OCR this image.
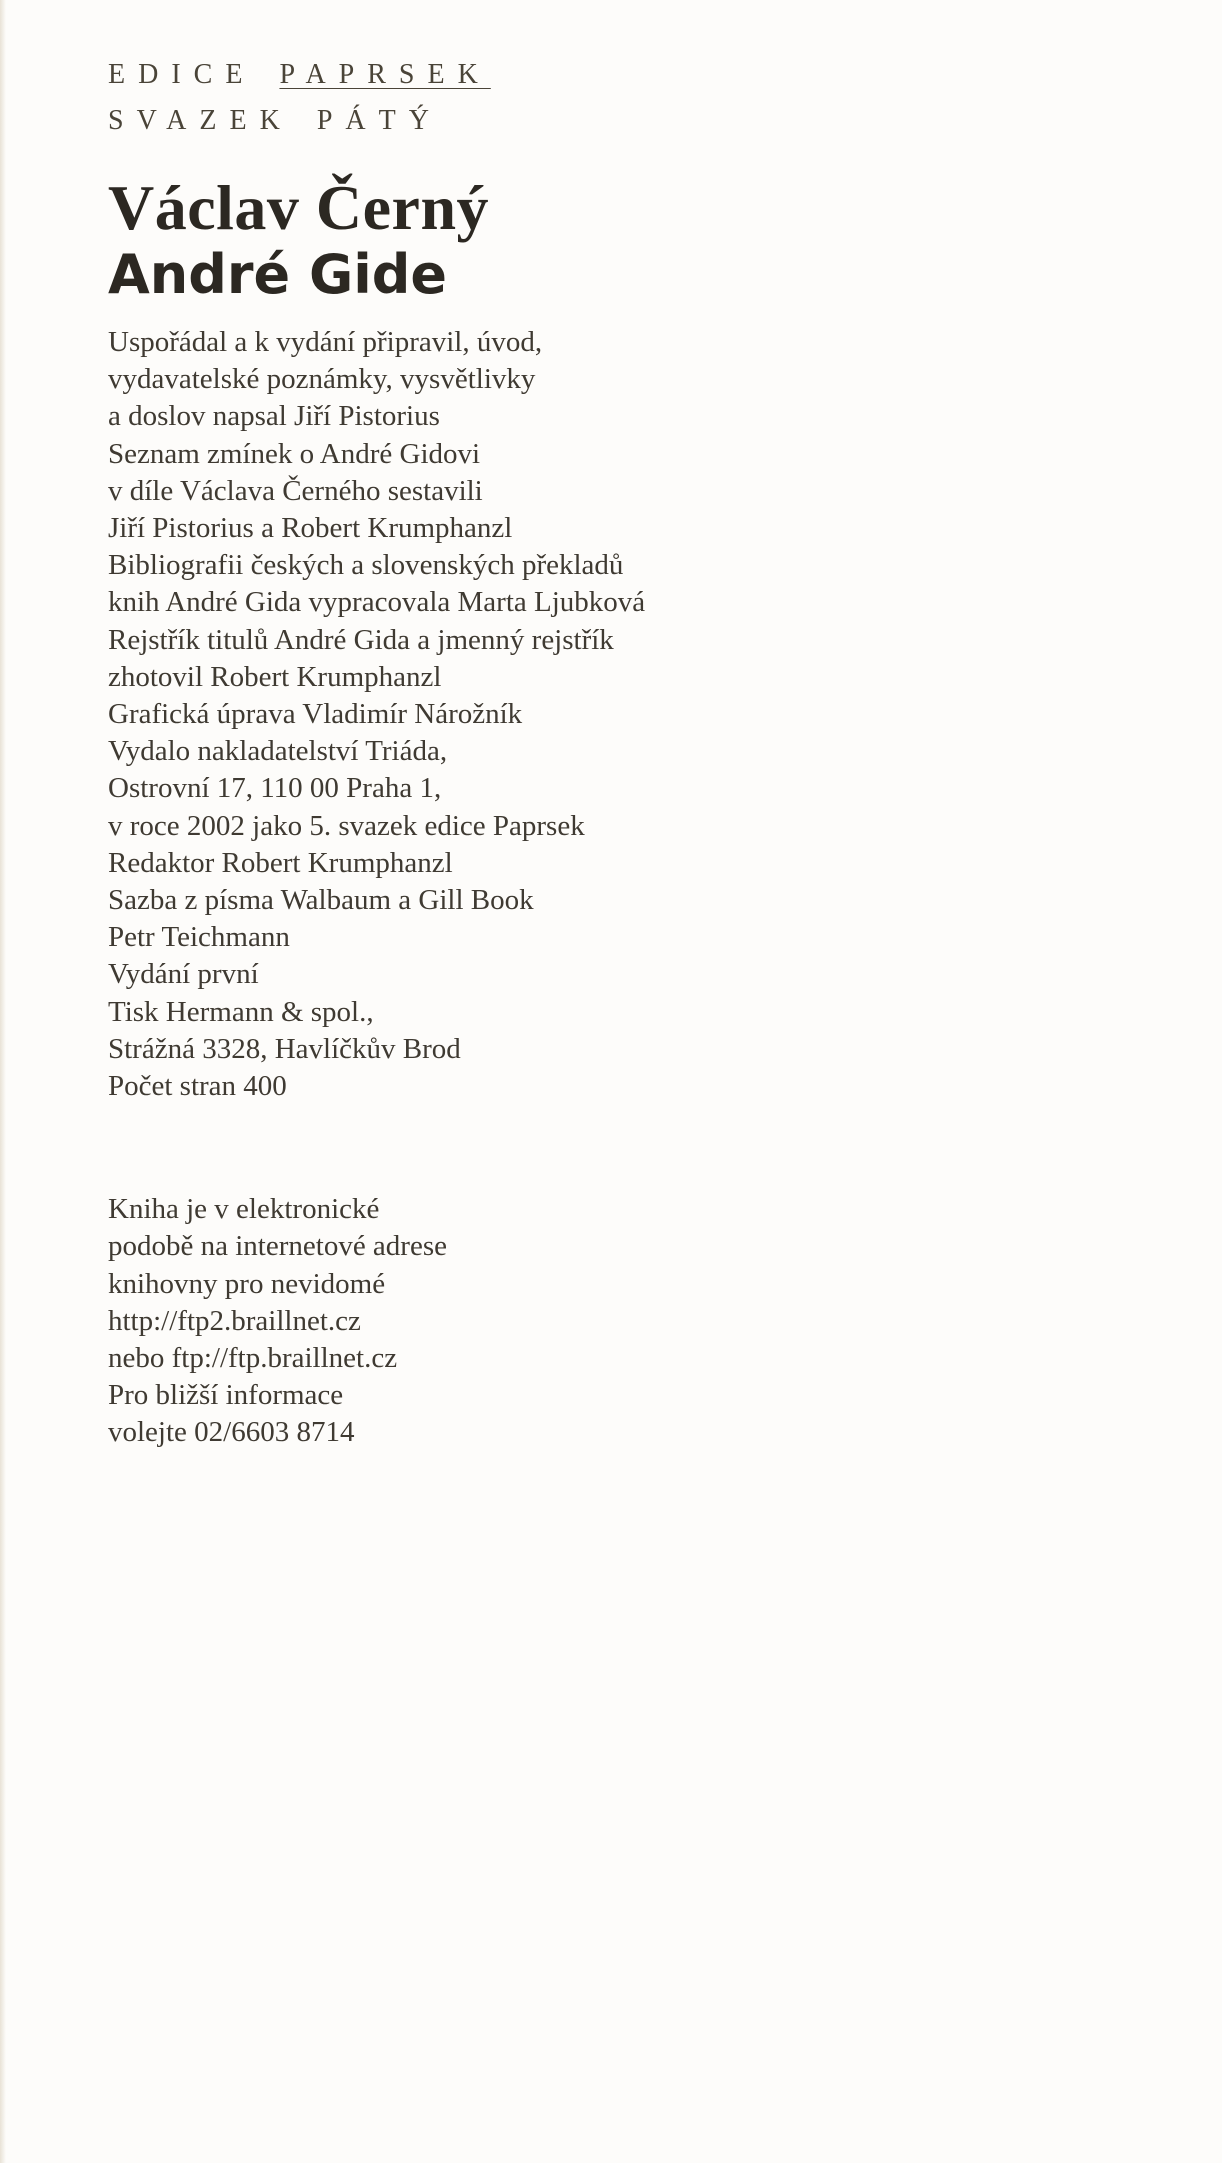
EDICE PAPRSEK
SVAZEK PÁTÝ
Václav Černý
André Gide
Uspořádal a k vydání připravil, úvod,
vydavatelské poznámky, vysvětlivky
a doslov napsal Jiří Pistorius
Seznam zmínek o André Gidovi
v díle Václava Černého sestavili
Jiří Pistorius a Robert Krumphanzl
Bibliografii českých a slovenských překladů
knih André Gida vypracovala Marta Ljubková
Rejstřík titulů André Gida a jmenný rejstřík
zhotovil Robert Krumphanzl
Grafická úprava Vladimír Nárožník
Vydalo nakladatelství Triáda,
Ostrovní 17, 110 00 Praha 1,
v roce 2002 jako 5. svazek edice Paprsek
Redaktor Robert Krumphanzl
Sazba z písma Walbaum a Gill Book
Petr Teichmann
Vydání první
Tisk Hermann & spol.,
Strážná 3328, Havlíčkův Brod
Počet stran 400
Kniha je v elektronické
podobě na internetové adrese
knihovny pro nevidomé
http://ftp2.braillnet.cz
nebo ftp://ftp.braillnet.cz
Pro bližší informace
volejte 02/6603 8714
